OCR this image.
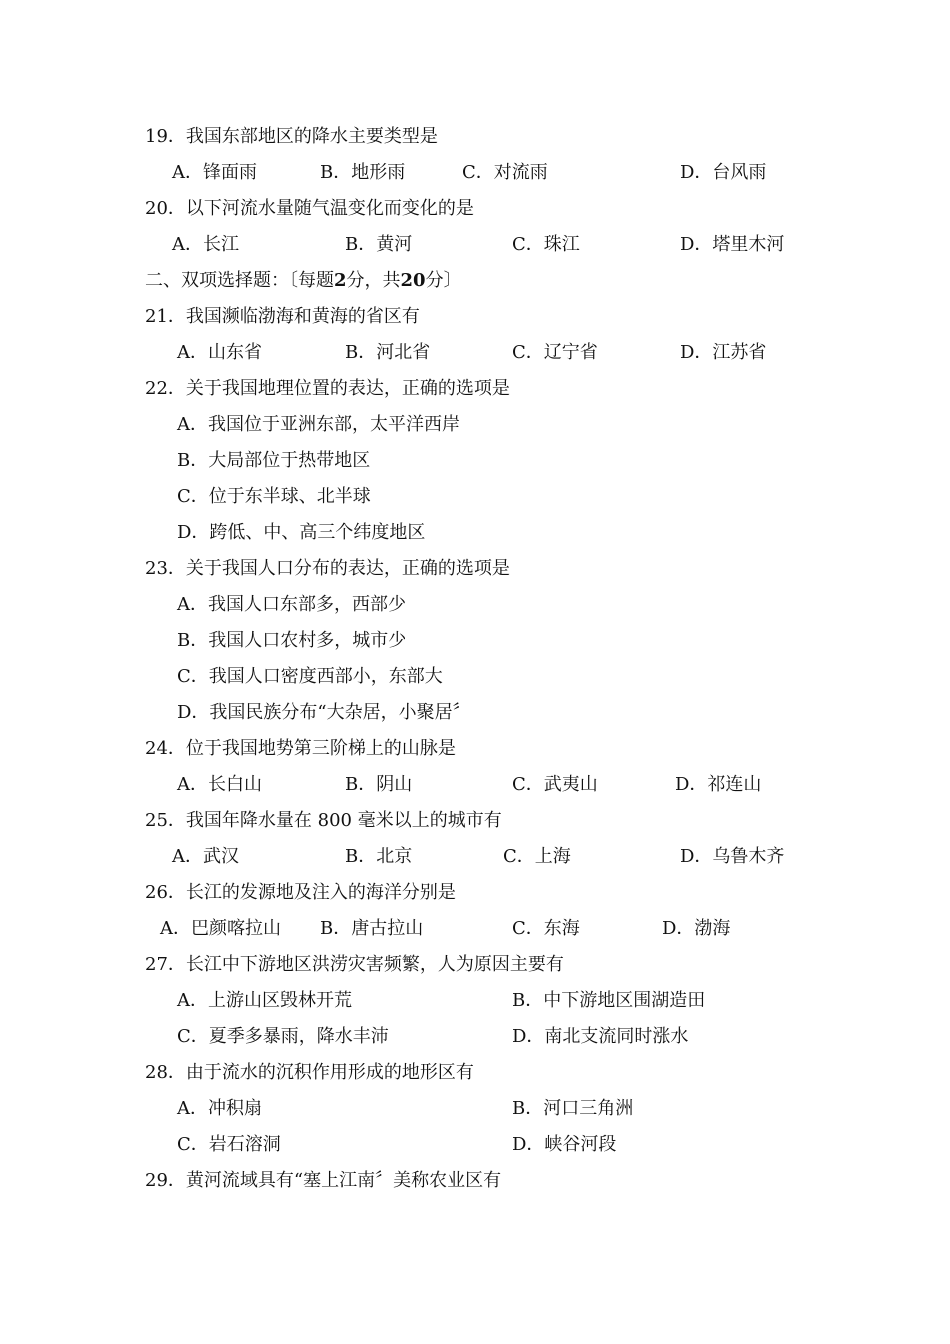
19．我国东部地区的降水主要类型是
A．锋面雨	B．地形雨	C．对流雨	D．台风雨
20．以下河流水量随气温变化而变化的是
A．长江	B．黄河	C．珠江	D．塔里木河
二、双项选择题：〔每题2分，共20分〕
21．我国濒临渤海和黄海的省区有
A．山东省	B．河北省	C．辽宁省	D．江苏省
22．关于我国地理位置的表达，正确的选项是
A．我国位于亚洲东部，太平洋西岸
B．大局部位于热带地区
C．位于东半球、北半球
D．跨低、中、高三个纬度地区
23．关于我国人口分布的表达，正确的选项是
A．我国人口东部多，西部少
B．我国人口农村多，城市少
C．我国人口密度西部小，东部大
D．我国民族分布“大杂居，小聚居〞
24．位于我国地势第三阶梯上的山脉是
A．长白山	B．阴山	C．武夷山	D．祁连山
25．我国年降水量在 800 毫米以上的城市有
A．武汉	B．北京	C．上海	D．乌鲁木齐
26．长江的发源地及注入的海洋分别是
A．巴颜喀拉山 B．唐古拉山	C．东海	D．渤海
27．长江中下游地区洪涝灾害频繁，人为原因主要有
A．上游山区毁林开荒	B．中下游地区围湖造田
C．夏季多暴雨，降水丰沛	D．南北支流同时涨水
28．由于流水的沉积作用形成的地形区有
A．冲积扇	B．河口三角洲
C．岩石溶洞	D．峡谷河段
29．黄河流域具有“塞上江南〞美称农业区有
